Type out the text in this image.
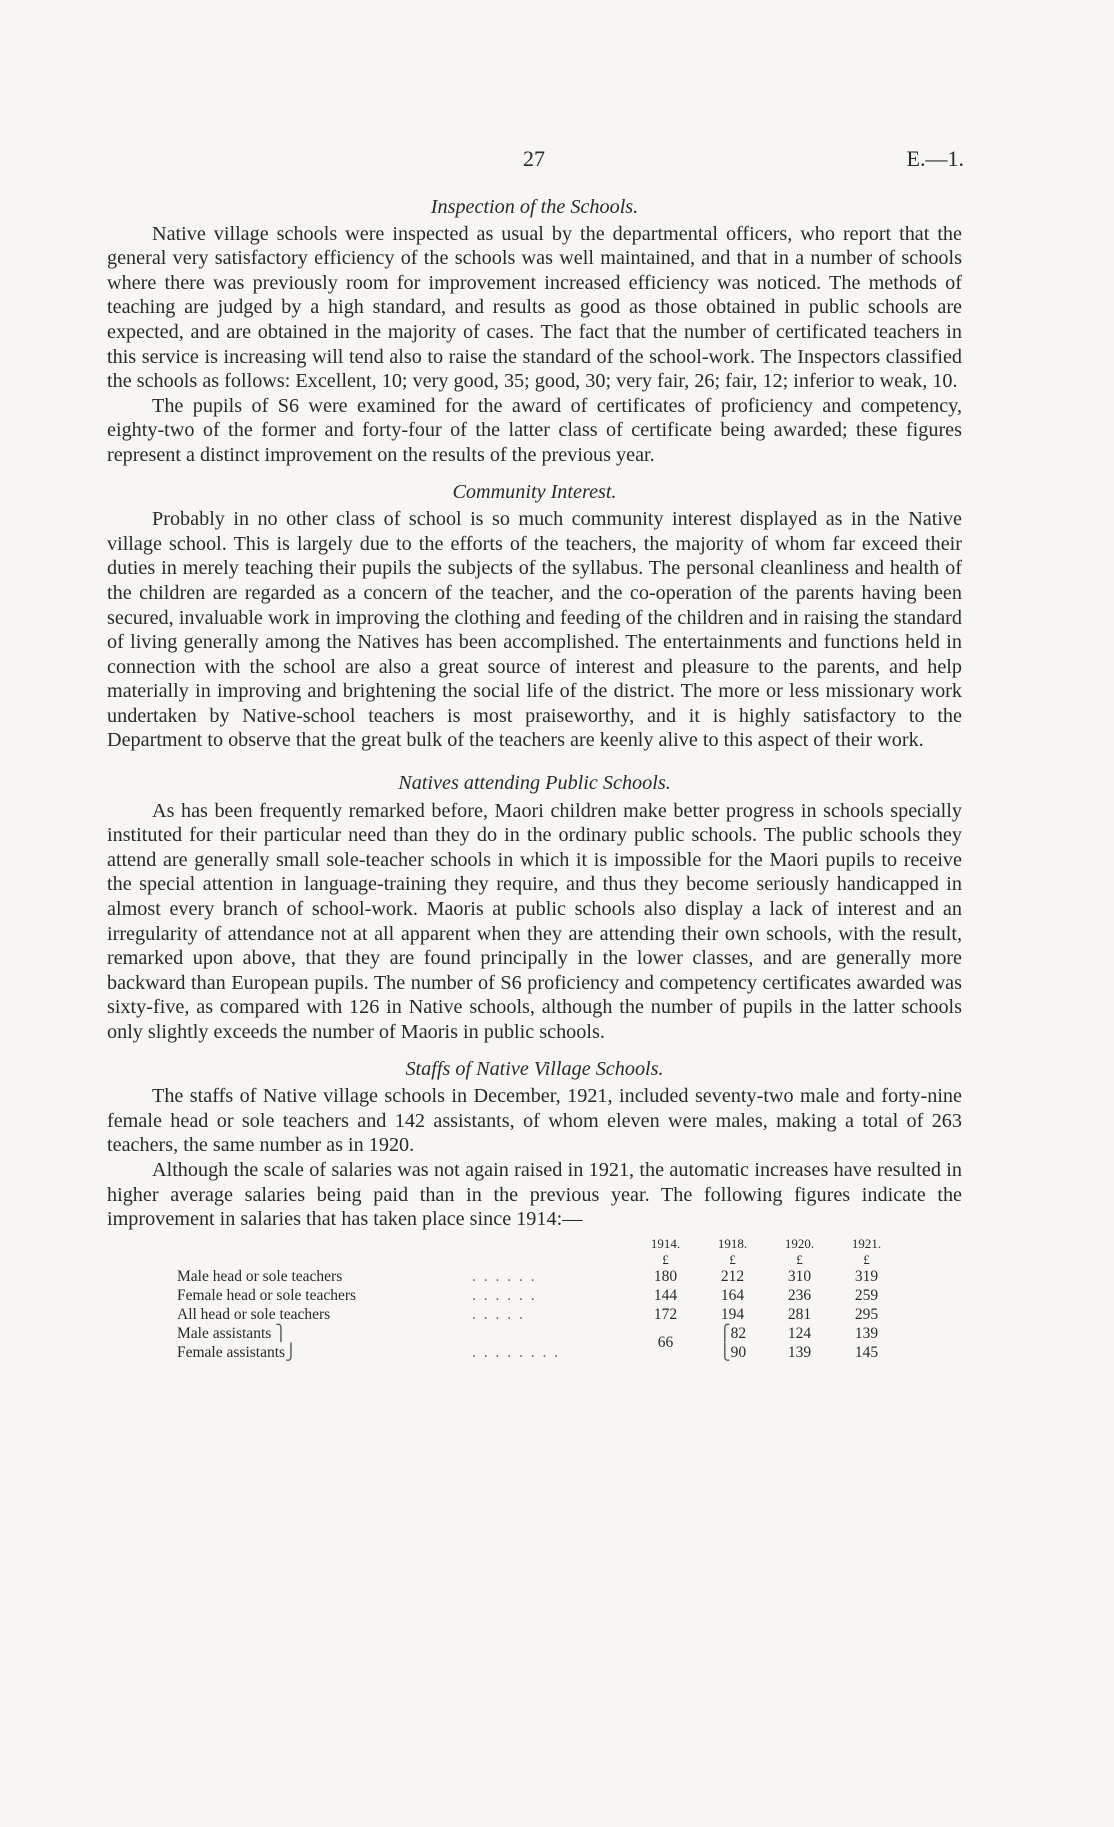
27	E.—1.
Inspection of the Schools.

Native village schools were inspected as usual by the departmental officers, who report that the general very satisfactory efficiency of the schools was well maintained, and that in a number of schools where there was previously room for improvement increased efficiency was noticed. The methods of teaching are judged by a high standard, and results as good as those obtained in public schools are expected, and are obtained in the majority of cases. The fact that the number of certificated teachers in this service is increasing will tend also to raise the standard of the school-work. The Inspectors classified the schools as follows: Excellent, 10; very good, 35; good, 30; very fair, 26; fair, 12; inferior to weak, 10.

The pupils of S6 were examined for the award of certificates of proficiency and competency, eighty-two of the former and forty-four of the latter class of certificate being awarded; these figures represent a distinct improvement on the results of the previous year.

Community Interest.

Probably in no other class of school is so much community interest displayed as in the Native village school. This is largely due to the efforts of the teachers, the majority of whom far exceed their duties in merely teaching their pupils the subjects of the syllabus. The personal cleanliness and health of the children are regarded as a concern of the teacher, and the co-operation of the parents having been secured, invaluable work in improving the clothing and feeding of the children and in raising the standard of living generally among the Natives has been accomplished. The entertainments and functions held in connection with the school are also a great source of interest and pleasure to the parents, and help materially in improving and brightening the social life of the district. The more or less missionary work undertaken by Native-school teachers is most praiseworthy, and it is highly satisfactory to the Department to observe that the great bulk of the teachers are keenly alive to this aspect of their work.

Natives attending Public Schools.

As has been frequently remarked before, Maori children make better progress in schools specially instituted for their particular need than they do in the ordinary public schools. The public schools they attend are generally small sole-teacher schools in which it is impossible for the Maori pupils to receive the special attention in language-training they require, and thus they become seriously handicapped in almost every branch of school-work. Maoris at public schools also display a lack of interest and an irregularity of attendance not at all apparent when they are attending their own schools, with the result, remarked upon above, that they are found principally in the lower classes, and are generally more backward than European pupils. The number of S6 proficiency and competency certificates awarded was sixty-five, as compared with 126 in Native schools, although the number of pupils in the latter schools only slightly exceeds the number of Maoris in public schools.

Staffs of Native Village Schools.

The staffs of Native village schools in December, 1921, included seventy-two male and forty-nine female head or sole teachers and 142 assistants, of whom eleven were males, making a total of 263 teachers, the same number as in 1920.

Although the scale of salaries was not again raised in 1921, the automatic increases have resulted in higher average salaries being paid than in the previous year. The following figures indicate the improvement in salaries that has taken place since 1914:—

		1914.	1918.	1920.	1921.
		£	£	£	£
Male head or sole teachers	. . . . . .	180	212	310	319
Female head or sole teachers	. . . . . .	144	164	236	259
All head or sole teachers	. . . . .	172	194	281	295
Male assistants ⎫		66	⎧82	124	139
Female assistants⎭	. . . . . . . .		⎩90	139	145
